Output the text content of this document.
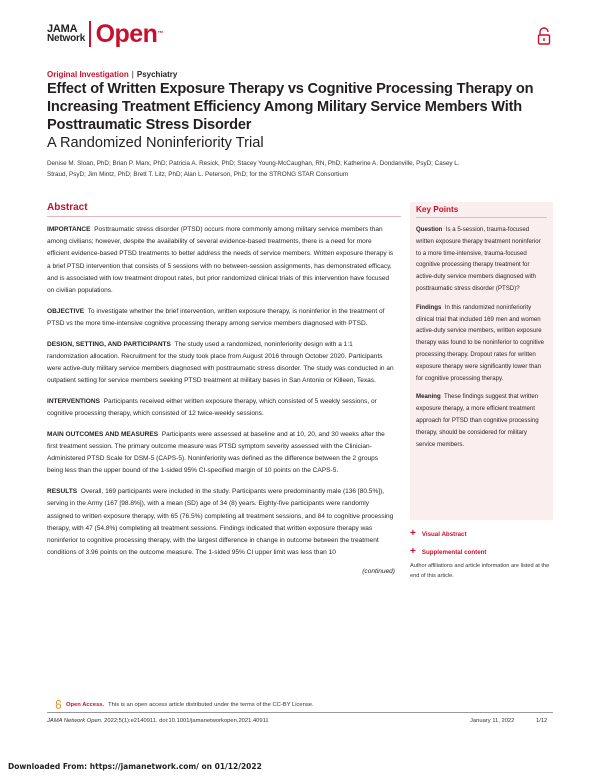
JAMA
Network Open™
Original Investigation | Psychiatry
Effect of Written Exposure Therapy vs Cognitive Processing Therapy on Increasing Treatment Efficiency Among Military Service Members With Posttraumatic Stress Disorder
A Randomized Noninferiority Trial
Denise M. Sloan, PhD; Brian P. Marx, PhD; Patricia A. Resick, PhD; Stacey Young-McCaughan, RN, PhD; Katherine A. Dondanville, PsyD; Casey L. Straud, PsyD; Jim Mintz, PhD; Brett T. Litz, PhD; Alan L. Peterson, PhD; for the STRONG STAR Consortium
Abstract

IMPORTANCE Posttraumatic stress disorder (PTSD) occurs more commonly among military service members than among civilians; however, despite the availability of several evidence-based treatments, there is a need for more efficient evidence-based PTSD treatments to better address the needs of service members. Written exposure therapy is a brief PTSD intervention that consists of 5 sessions with no between-session assignments, has demonstrated efficacy, and is associated with low treatment dropout rates, but prior randomized clinical trials of this intervention have focused on civilian populations.

OBJECTIVE To investigate whether the brief intervention, written exposure therapy, is noninferior in the treatment of PTSD vs the more time-intensive cognitive processing therapy among service members diagnosed with PTSD.

DESIGN, SETTING, AND PARTICIPANTS The study used a randomized, noninferiority design with a 1:1 randomization allocation. Recruitment for the study took place from August 2016 through October 2020. Participants were active-duty military service members diagnosed with posttraumatic stress disorder. The study was conducted in an outpatient setting for service members seeking PTSD treatment at military bases in San Antonio or Killeen, Texas.

INTERVENTIONS Participants received either written exposure therapy, which consisted of 5 weekly sessions, or cognitive processing therapy, which consisted of 12 twice-weekly sessions.

MAIN OUTCOMES AND MEASURES Participants were assessed at baseline and at 10, 20, and 30 weeks after the first treatment session. The primary outcome measure was PTSD symptom severity assessed with the Clinician-Administered PTSD Scale for DSM-5 (CAPS-5). Noninferiority was defined as the difference between the 2 groups being less than the upper bound of the 1-sided 95% CI-specified margin of 10 points on the CAPS-5.

RESULTS Overall, 169 participants were included in the study. Participants were predominantly male (136 [80.5%]), serving in the Army (167 [98.8%]), with a mean (SD) age of 34 (8) years. Eighty-five participants were randomly assigned to written exposure therapy, with 65 (76.5%) completing all treatment sessions, and 84 to cognitive processing therapy, with 47 (54.8%) completing all treatment sessions. Findings indicated that written exposure therapy was noninferior to cognitive processing therapy, with the largest difference in change in outcome between the treatment conditions of 3.96 points on the outcome measure. The 1-sided 95% CI upper limit was less than 10

(continued)
Key Points

Question Is a 5-session, trauma-focused written exposure therapy treatment noninferior to a more time-intensive, trauma-focused cognitive processing therapy treatment for active-duty service members diagnosed with posttraumatic stress disorder (PTSD)?

Findings In this randomized noninferiority clinical trial that included 169 men and women active-duty service members, written exposure therapy was found to be noninferior to cognitive processing therapy. Dropout rates for written exposure therapy were significantly lower than for cognitive processing therapy.

Meaning These findings suggest that written exposure therapy, a more efficient treatment approach for PTSD than cognitive processing therapy, should be considered for military service members.

+ Visual Abstract
+ Supplemental content
Author affiliations and article information are listed at the end of this article.
Open Access. This is an open access article distributed under the terms of the CC-BY License.
JAMA Network Open. 2022;5(1):e2140911. doi:10.1001/jamanetworkopen.2021.40911	January 11, 2022	1/12
Downloaded From: https://jamanetwork.com/ on 01/12/2022
